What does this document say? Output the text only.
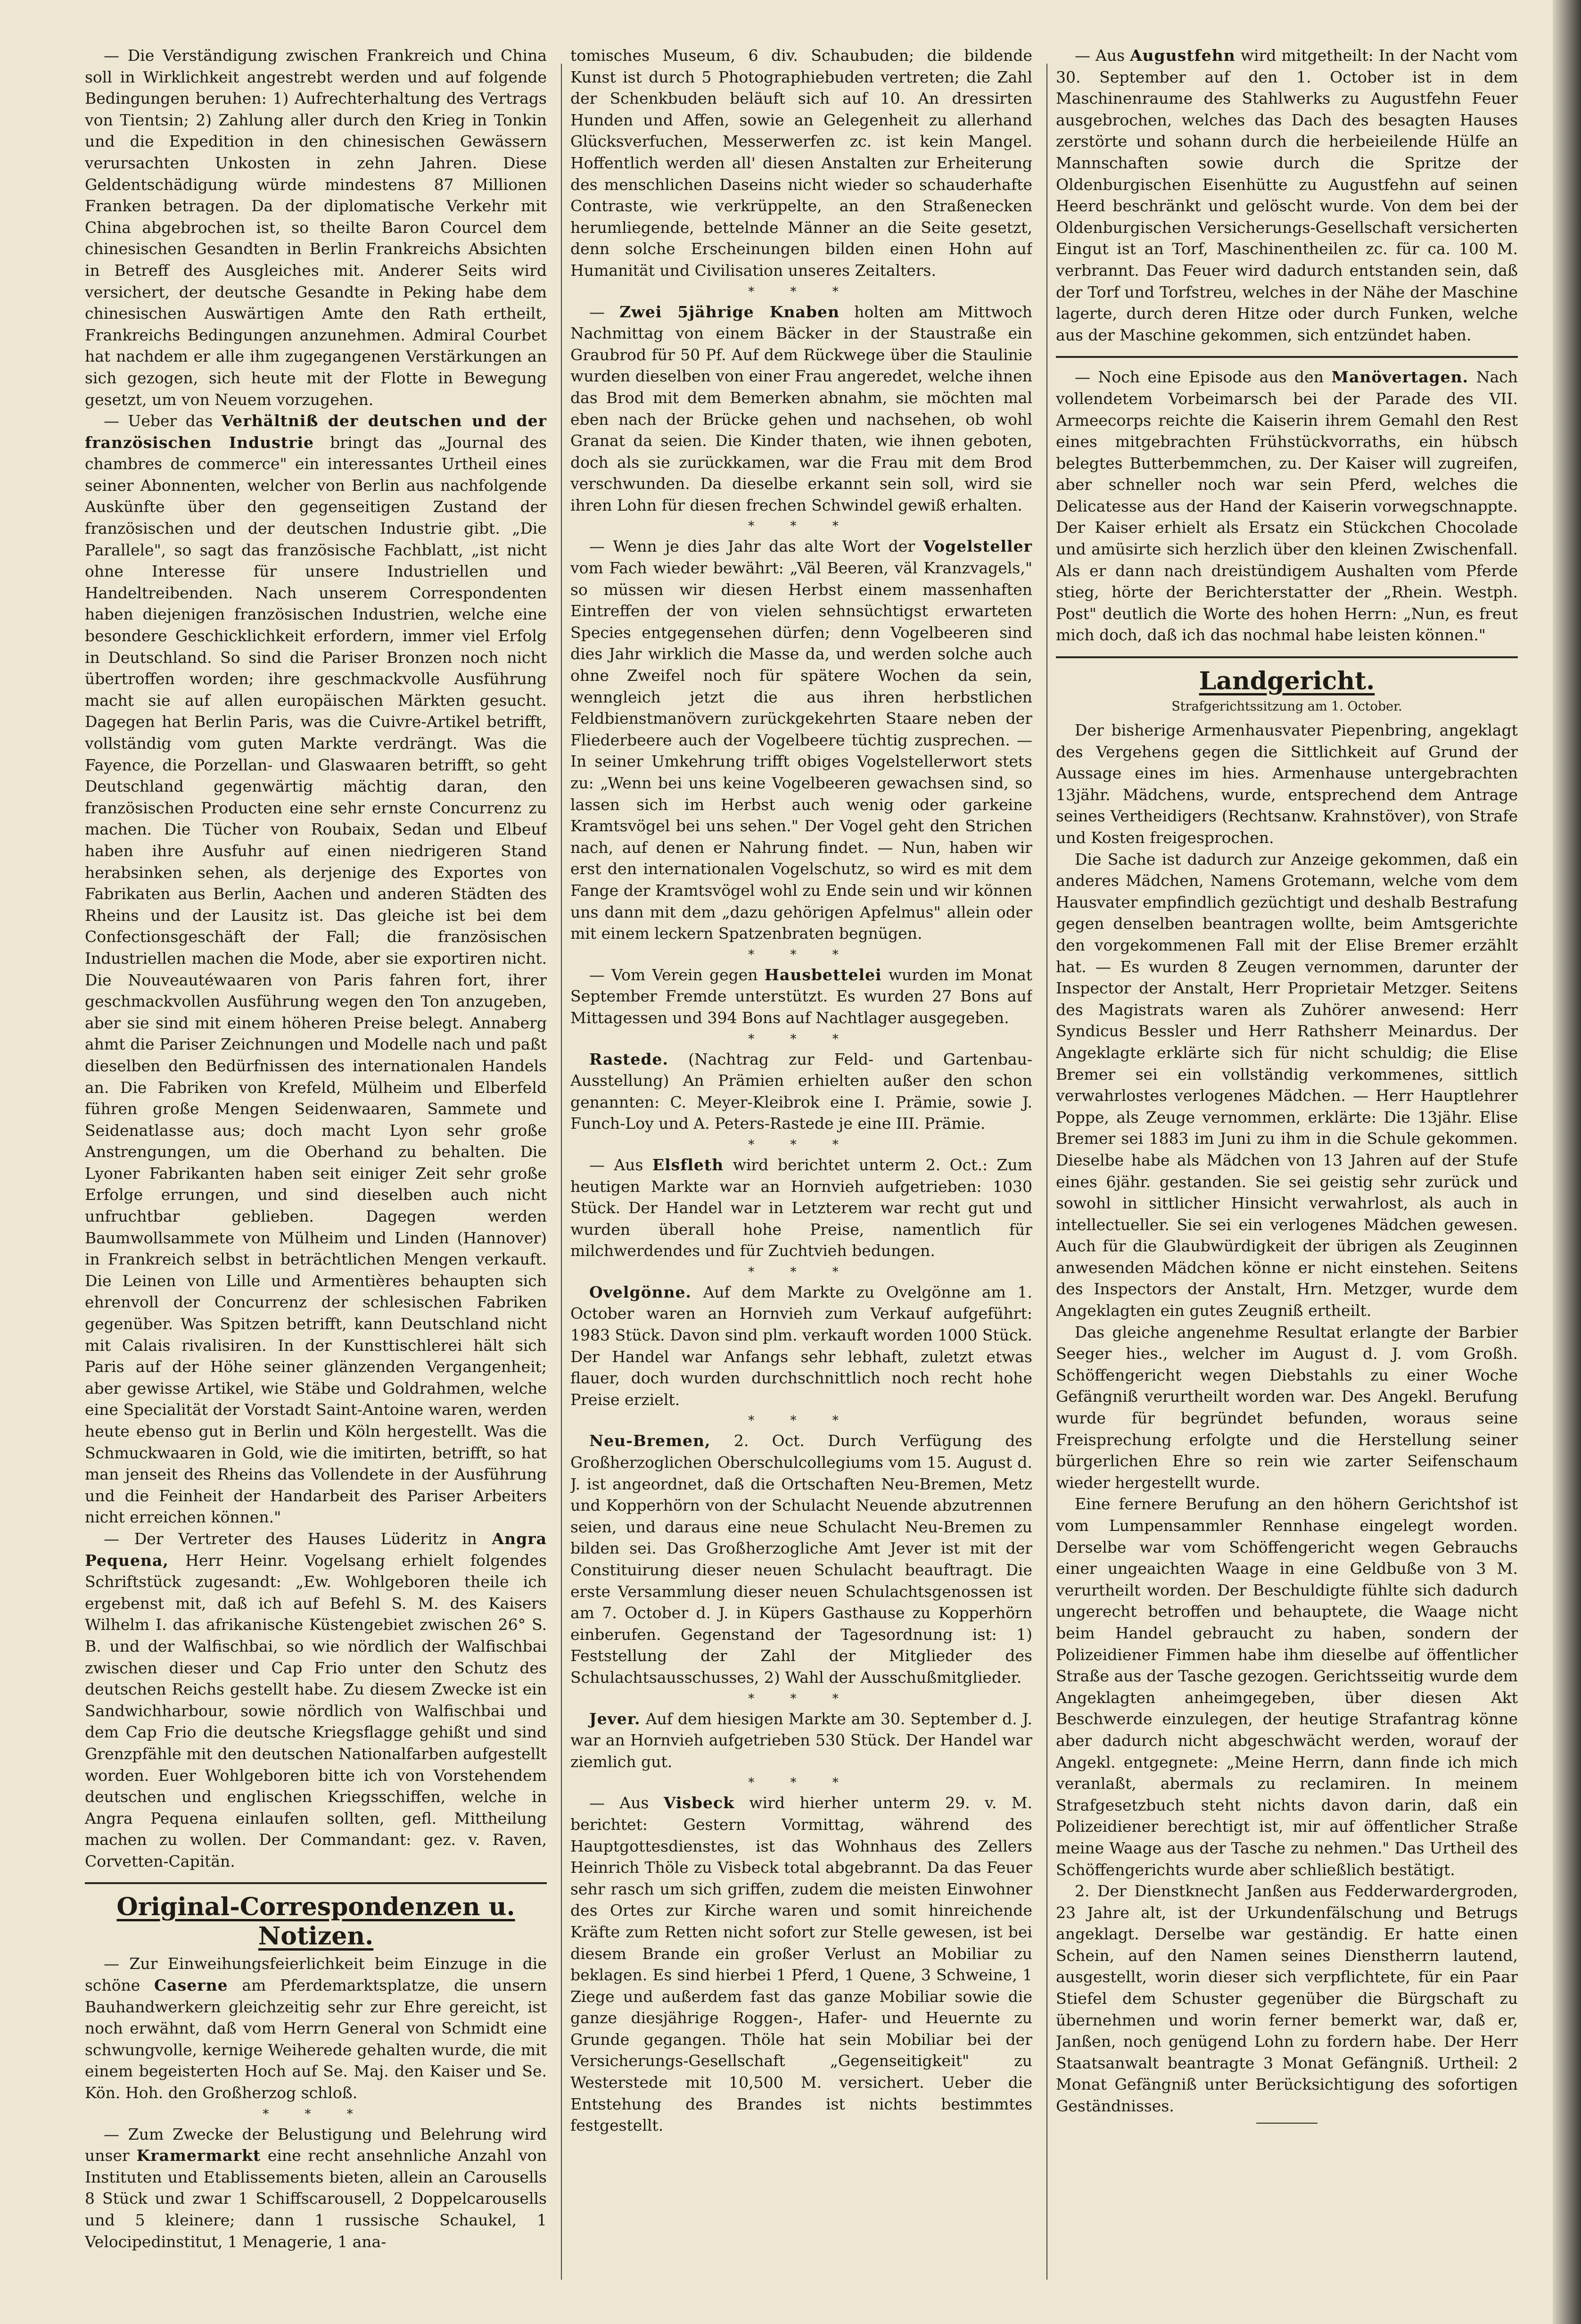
— Die Verständigung zwischen Frankreich und China soll in Wirklichkeit angestrebt werden und auf folgende Bedingungen beruhen: 1) Aufrechterhaltung des Vertrags von Tientsin; 2) Zahlung aller durch den Krieg in Tonkin und die Expedition in den chinesischen Gewässern verursachten Unkosten in zehn Jahren. Diese Geldentschädigung würde mindestens 87 Millionen Franken betragen. Da der diplomatische Verkehr mit China abgebrochen ist, so theilte Baron Courcel dem chinesischen Gesandten in Berlin Frankreichs Absichten in Betreff des Ausgleiches mit. Anderer Seits wird versichert, der deutsche Gesandte in Peking habe dem chinesischen Auswärtigen Amte den Rath ertheilt, Frankreichs Bedingungen anzunehmen. Admiral Courbet hat nachdem er alle ihm zugegangenen Verstärkungen an sich gezogen, sich heute mit der Flotte in Bewegung gesetzt, um von Neuem vorzugehen.

— Ueber das Verhältniß der deutschen und der französischen Industrie bringt das „Journal des chambres de commerce" ein interessantes Urtheil eines seiner Abonnenten, welcher von Berlin aus nachfolgende Auskünfte über den gegenseitigen Zustand der französischen und der deutschen Industrie gibt. „Die Parallele", so sagt das französische Fachblatt, „ist nicht ohne Interesse für unsere Industriellen und Handeltreibenden. Nach unserem Correspondenten haben diejenigen französischen Industrien, welche eine besondere Geschicklichkeit erfordern, immer viel Erfolg in Deutschland. So sind die Pariser Bronzen noch nicht übertroffen worden; ihre geschmackvolle Ausführung macht sie auf allen europäischen Märkten gesucht. Dagegen hat Berlin Paris, was die Cuivre-Artikel betrifft, vollständig vom guten Markte verdrängt. Was die Fayence, die Porzellan- und Glaswaaren betrifft, so geht Deutschland gegenwärtig mächtig daran, den französischen Producten eine sehr ernste Concurrenz zu machen. Die Tücher von Roubaix, Sedan und Elbeuf haben ihre Ausfuhr auf einen niedrigeren Stand herabsinken sehen, als derjenige des Exportes von Fabrikaten aus Berlin, Aachen und anderen Städten des Rheins und der Lausitz ist. Das gleiche ist bei dem Confectionsgeschäft der Fall; die französischen Industriellen machen die Mode, aber sie exportiren nicht. Die Nouveautéwaaren von Paris fahren fort, ihrer geschmackvollen Ausführung wegen den Ton anzugeben, aber sie sind mit einem höheren Preise belegt. Annaberg ahmt die Pariser Zeichnungen und Modelle nach und paßt dieselben den Bedürfnissen des internationalen Handels an. Die Fabriken von Krefeld, Mülheim und Elberfeld führen große Mengen Seidenwaaren, Sammete und Seidenatlasse aus; doch macht Lyon sehr große Anstrengungen, um die Oberhand zu behalten. Die Lyoner Fabrikanten haben seit einiger Zeit sehr große Erfolge errungen, und sind dieselben auch nicht unfruchtbar geblieben. Dagegen werden Baumwollsammete von Mülheim und Linden (Hannover) in Frankreich selbst in beträchtlichen Mengen verkauft. Die Leinen von Lille und Armentières behaupten sich ehrenvoll der Concurrenz der schlesischen Fabriken gegenüber. Was Spitzen betrifft, kann Deutschland nicht mit Calais rivalisiren. In der Kunsttischlerei hält sich Paris auf der Höhe seiner glänzenden Vergangenheit; aber gewisse Artikel, wie Stäbe und Goldrahmen, welche eine Specialität der Vorstadt Saint-Antoine waren, werden heute ebenso gut in Berlin und Köln hergestellt. Was die Schmuckwaaren in Gold, wie die imitirten, betrifft, so hat man jenseit des Rheins das Vollendete in der Ausführung und die Feinheit der Handarbeit des Pariser Arbeiters nicht erreichen können."

— Der Vertreter des Hauses Lüderitz in Angra Pequena, Herr Heinr. Vogelsang erhielt folgendes Schriftstück zugesandt: „Ew. Wohlgeboren theile ich ergebenst mit, daß ich auf Befehl S. M. des Kaisers Wilhelm I. das afrikanische Küstengebiet zwischen 26° S. B. und der Walfischbai, so wie nördlich der Walfischbai zwischen dieser und Cap Frio unter den Schutz des deutschen Reichs gestellt habe. Zu diesem Zwecke ist ein Sandwichharbour, sowie nördlich von Walfischbai und dem Cap Frio die deutsche Kriegsflagge gehißt und sind Grenzpfähle mit den deutschen Nationalfarben aufgestellt worden. Euer Wohlgeboren bitte ich von Vorstehendem deutschen und englischen Kriegsschiffen, welche in Angra Pequena einlaufen sollten, gefl. Mittheilung machen zu wollen. Der Commandant: gez. v. Raven, Corvetten-Capitän.

Original-Correspondenzen u. Notizen.

— Zur Einweihungsfeierlichkeit beim Einzuge in die schöne Caserne am Pferdemarktsplatze, die unsern Bauhandwerkern gleichzeitig sehr zur Ehre gereicht, ist noch erwähnt, daß vom Herrn General von Schmidt eine schwungvolle, kernige Weiherede gehalten wurde, die mit einem begeisterten Hoch auf Se. Maj. den Kaiser und Se. Kön. Hoh. den Großherzog schloß.

* * *

— Zum Zwecke der Belustigung und Belehrung wird unser Kramermarkt eine recht ansehnliche Anzahl von Instituten und Etablissements bieten, allein an Carousells 8 Stück und zwar 1 Schiffscarousell, 2 Doppelcarousells und 5 kleinere; dann 1 russische Schaukel, 1 Velocipedinstitut, 1 Menagerie, 1 ana-

tomisches Museum, 6 div. Schaubuden; die bildende Kunst ist durch 5 Photographiebuden vertreten; die Zahl der Schenkbuden beläuft sich auf 10. An dressirten Hunden und Affen, sowie an Gelegenheit zu allerhand Glücksverfuchen, Messerwerfen zc. ist kein Mangel. Hoffentlich werden all' diesen Anstalten zur Erheiterung des menschlichen Daseins nicht wieder so schauderhafte Contraste, wie verkrüppelte, an den Straßenecken herumliegende, bettelnde Männer an die Seite gesetzt, denn solche Erscheinungen bilden einen Hohn auf Humanität und Civilisation unseres Zeitalters.

* * *

— Zwei 5jährige Knaben holten am Mittwoch Nachmittag von einem Bäcker in der Staustraße ein Graubrod für 50 Pf. Auf dem Rückwege über die Staulinie wurden dieselben von einer Frau angeredet, welche ihnen das Brod mit dem Bemerken abnahm, sie möchten mal eben nach der Brücke gehen und nachsehen, ob wohl Granat da seien. Die Kinder thaten, wie ihnen geboten, doch als sie zurückkamen, war die Frau mit dem Brod verschwunden. Da dieselbe erkannt sein soll, wird sie ihren Lohn für diesen frechen Schwindel gewiß erhalten.

* * *

— Wenn je dies Jahr das alte Wort der Vogelsteller vom Fach wieder bewährt: „Väl Beeren, väl Kranzvagels," so müssen wir diesen Herbst einem massenhaften Eintreffen der von vielen sehnsüchtigst erwarteten Species entgegensehen dürfen; denn Vogelbeeren sind dies Jahr wirklich die Masse da, und werden solche auch ohne Zweifel noch für spätere Wochen da sein, wenngleich jetzt die aus ihren herbstlichen Feldbienstmanövern zurückgekehrten Staare neben der Fliederbeere auch der Vogelbeere tüchtig zusprechen. — In seiner Umkehrung trifft obiges Vogelstellerwort stets zu: „Wenn bei uns keine Vogelbeeren gewachsen sind, so lassen sich im Herbst auch wenig oder garkeine Kramtsvögel bei uns sehen." Der Vogel geht den Strichen nach, auf denen er Nahrung findet. — Nun, haben wir erst den internationalen Vogelschutz, so wird es mit dem Fange der Kramtsvögel wohl zu Ende sein und wir können uns dann mit dem „dazu gehörigen Apfelmus" allein oder mit einem leckern Spatzenbraten begnügen.

* * *

— Vom Verein gegen Hausbettelei wurden im Monat September Fremde unterstützt. Es wurden 27 Bons auf Mittagessen und 394 Bons auf Nachtlager ausgegeben.

* * *

Rastede. (Nachtrag zur Feld- und Gartenbau-Ausstellung) An Prämien erhielten außer den schon genannten: C. Meyer-Kleibrok eine I. Prämie, sowie J. Funch-Loy und A. Peters-Rastede je eine III. Prämie.

* * *

— Aus Elsfleth wird berichtet unterm 2. Oct.: Zum heutigen Markte war an Hornvieh aufgetrieben: 1030 Stück. Der Handel war in Letzterem war recht gut und wurden überall hohe Preise, namentlich für milchwerdendes und für Zuchtvieh bedungen.

* * *

Ovelgönne. Auf dem Markte zu Ovelgönne am 1. October waren an Hornvieh zum Verkauf aufgeführt: 1983 Stück. Davon sind plm. verkauft worden 1000 Stück. Der Handel war Anfangs sehr lebhaft, zuletzt etwas flauer, doch wurden durchschnittlich noch recht hohe Preise erzielt.

* * *

Neu-Bremen, 2. Oct. Durch Verfügung des Großherzoglichen Oberschulcollegiums vom 15. August d. J. ist angeordnet, daß die Ortschaften Neu-Bremen, Metz und Kopperhörn von der Schulacht Neuende abzutrennen seien, und daraus eine neue Schulacht Neu-Bremen zu bilden sei. Das Großherzogliche Amt Jever ist mit der Constituirung dieser neuen Schulacht beauftragt. Die erste Versammlung dieser neuen Schulachtsgenossen ist am 7. October d. J. in Küpers Gasthause zu Kopperhörn einberufen. Gegenstand der Tagesordnung ist: 1) Feststellung der Zahl der Mitglieder des Schulachtsausschusses, 2) Wahl der Ausschußmitglieder.

* * *

Jever. Auf dem hiesigen Markte am 30. September d. J. war an Hornvieh aufgetrieben 530 Stück. Der Handel war ziemlich gut.

* * *

— Aus Visbeck wird hierher unterm 29. v. M. berichtet: Gestern Vormittag, während des Hauptgottesdienstes, ist das Wohnhaus des Zellers Heinrich Thöle zu Visbeck total abgebrannt. Da das Feuer sehr rasch um sich griffen, zudem die meisten Einwohner des Ortes zur Kirche waren und somit hinreichende Kräfte zum Retten nicht sofort zur Stelle gewesen, ist bei diesem Brande ein großer Verlust an Mobiliar zu beklagen. Es sind hierbei 1 Pferd, 1 Quene, 3 Schweine, 1 Ziege und außerdem fast das ganze Mobiliar sowie die ganze diesjährige Roggen-, Hafer- und Heuernte zu Grunde gegangen. Thöle hat sein Mobiliar bei der Versicherungs-Gesellschaft „Gegenseitigkeit" zu Westerstede mit 10,500 M. versichert. Ueber die Entstehung des Brandes ist nichts bestimmtes festgestellt.

— Aus Augustfehn wird mitgetheilt: In der Nacht vom 30. September auf den 1. October ist in dem Maschinenraume des Stahlwerks zu Augustfehn Feuer ausgebrochen, welches das Dach des besagten Hauses zerstörte und sohann durch die herbeieilende Hülfe an Mannschaften sowie durch die Spritze der Oldenburgischen Eisenhütte zu Augustfehn auf seinen Heerd beschränkt und gelöscht wurde. Von dem bei der Oldenburgischen Versicherungs-Gesellschaft versicherten Eingut ist an Torf, Maschinentheilen zc. für ca. 100 M. verbrannt. Das Feuer wird dadurch entstanden sein, daß der Torf und Torfstreu, welches in der Nähe der Maschine lagerte, durch deren Hitze oder durch Funken, welche aus der Maschine gekommen, sich entzündet haben.

— Noch eine Episode aus den Manövertagen. Nach vollendetem Vorbeimarsch bei der Parade des VII. Armeecorps reichte die Kaiserin ihrem Gemahl den Rest eines mitgebrachten Frühstückvorraths, ein hübsch belegtes Butterbemmchen, zu. Der Kaiser will zugreifen, aber schneller noch war sein Pferd, welches die Delicatesse aus der Hand der Kaiserin vorwegschnappte. Der Kaiser erhielt als Ersatz ein Stückchen Chocolade und amüsirte sich herzlich über den kleinen Zwischenfall. Als er dann nach dreistündigem Aushalten vom Pferde stieg, hörte der Berichterstatter der „Rhein. Westph. Post" deutlich die Worte des hohen Herrn: „Nun, es freut mich doch, daß ich das nochmal habe leisten können."

Landgericht.
Strafgerichtssitzung am 1. October.

Der bisherige Armenhausvater Piepenbring, angeklagt des Vergehens gegen die Sittlichkeit auf Grund der Aussage eines im hies. Armenhause untergebrachten 13jähr. Mädchens, wurde, entsprechend dem Antrage seines Vertheidigers (Rechtsanw. Krahnstöver), von Strafe und Kosten freigesprochen.

Die Sache ist dadurch zur Anzeige gekommen, daß ein anderes Mädchen, Namens Grotemann, welche vom dem Hausvater empfindlich gezüchtigt und deshalb Bestrafung gegen denselben beantragen wollte, beim Amtsgerichte den vorgekommenen Fall mit der Elise Bremer erzählt hat. — Es wurden 8 Zeugen vernommen, darunter der Inspector der Anstalt, Herr Proprietair Metzger. Seitens des Magistrats waren als Zuhörer anwesend: Herr Syndicus Bessler und Herr Rathsherr Meinardus. Der Angeklagte erklärte sich für nicht schuldig; die Elise Bremer sei ein vollständig verkommenes, sittlich verwahrlostes verlogenes Mädchen. — Herr Hauptlehrer Poppe, als Zeuge vernommen, erklärte: Die 13jähr. Elise Bremer sei 1883 im Juni zu ihm in die Schule gekommen. Dieselbe habe als Mädchen von 13 Jahren auf der Stufe eines 6jähr. gestanden. Sie sei geistig sehr zurück und sowohl in sittlicher Hinsicht verwahrlost, als auch in intellectueller. Sie sei ein verlogenes Mädchen gewesen. Auch für die Glaubwürdigkeit der übrigen als Zeuginnen anwesenden Mädchen könne er nicht einstehen. Seitens des Inspectors der Anstalt, Hrn. Metzger, wurde dem Angeklagten ein gutes Zeugniß ertheilt.

Das gleiche angenehme Resultat erlangte der Barbier Seeger hies., welcher im August d. J. vom Großh. Schöffengericht wegen Diebstahls zu einer Woche Gefängniß verurtheilt worden war. Des Angekl. Berufung wurde für begründet befunden, woraus seine Freisprechung erfolgte und die Herstellung seiner bürgerlichen Ehre so rein wie zarter Seifenschaum wieder hergestellt wurde.

Eine fernere Berufung an den höhern Gerichtshof ist vom Lumpensammler Rennhase eingelegt worden. Derselbe war vom Schöffengericht wegen Gebrauchs einer ungeaichten Waage in eine Geldbuße von 3 M. verurtheilt worden. Der Beschuldigte fühlte sich dadurch ungerecht betroffen und behauptete, die Waage nicht beim Handel gebraucht zu haben, sondern der Polizeidiener Fimmen habe ihm dieselbe auf öffentlicher Straße aus der Tasche gezogen. Gerichtsseitig wurde dem Angeklagten anheimgegeben, über diesen Akt Beschwerde einzulegen, der heutige Strafantrag könne aber dadurch nicht abgeschwächt werden, worauf der Angekl. entgegnete: „Meine Herrn, dann finde ich mich veranlaßt, abermals zu reclamiren. In meinem Strafgesetzbuch steht nichts davon darin, daß ein Polizeidiener berechtigt ist, mir auf öffentlicher Straße meine Waage aus der Tasche zu nehmen." Das Urtheil des Schöffengerichts wurde aber schließlich bestätigt.

2. Der Dienstknecht Janßen aus Fedderwardergroden, 23 Jahre alt, ist der Urkundenfälschung und Betrugs angeklagt. Derselbe war geständig. Er hatte einen Schein, auf den Namen seines Dienstherrn lautend, ausgestellt, worin dieser sich verpflichtete, für ein Paar Stiefel dem Schuster gegenüber die Bürgschaft zu übernehmen und worin ferner bemerkt war, daß er, Janßen, noch genügend Lohn zu fordern habe. Der Herr Staatsanwalt beantragte 3 Monat Gefängniß. Urtheil: 2 Monat Gefängniß unter Berücksichtigung des sofortigen Geständnisses.
